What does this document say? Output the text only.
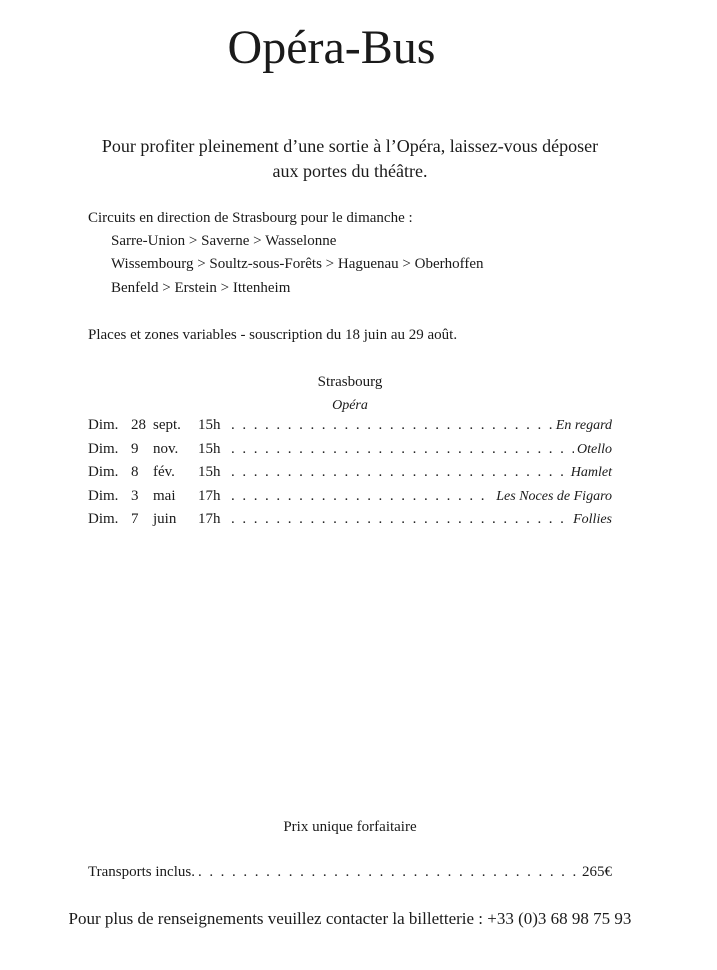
Opéra-Bus
Pour profiter pleinement d’une sortie à l’Opéra, laissez-vous déposer
aux portes du théâtre.
Circuits en direction de Strasbourg pour le dimanche :
Sarre-Union > Saverne > Wasselonne
Wissembourg > Soultz-sous-Forêts > Haguenau > Oberhoffen
Benfeld > Erstein > Ittenheim
Places et zones variables - souscription du 18 juin au 29 août.
Strasbourg
Opéra
Dim. 28 sept.	15h .....	En regard
Dim. 9 nov.	15h .....	Otello
Dim. 8 fév.	15h .....	Hamlet
Dim. 3 mai	17h .....	Les Noces de Figaro
Dim. 7 juin	17h .....	Follies
Prix unique forfaitaire
Transports inclus. .....	265€
Pour plus de renseignements veuillez contacter la billetterie : +33 (0)3 68 98 75 93
